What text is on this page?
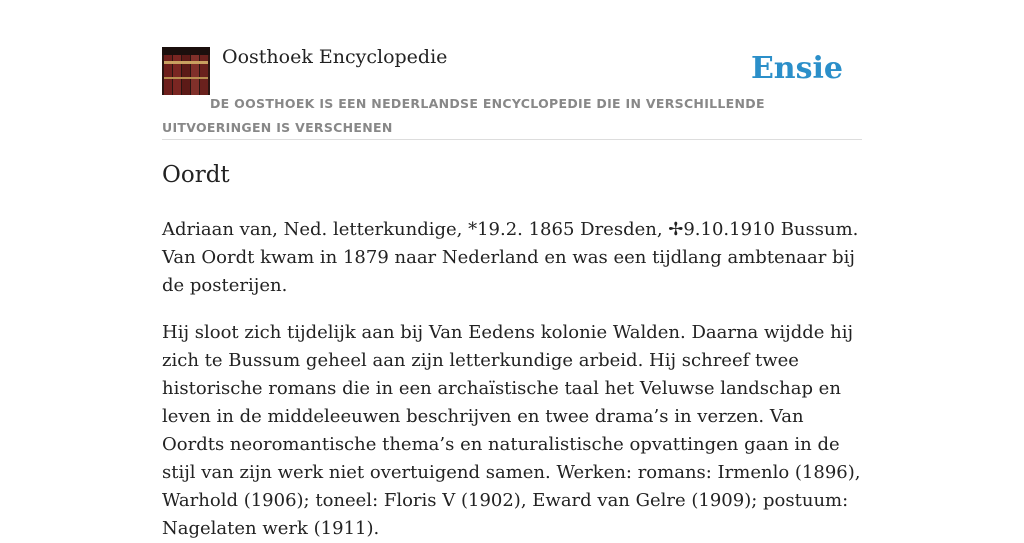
Oosthoek Encyclopedie	Ensie
DE OOSTHOEK IS EEN NEDERLANDSE ENCYCLOPEDIE DIE IN VERSCHILLENDE UITVOERINGEN IS VERSCHENEN
Oordt

Adriaan van, Ned. letterkundige, *19.2. 1865 Dresden, ✢9.10.1910 Bussum. Van Oordt kwam in 1879 naar Nederland en was een tijdlang ambtenaar bij de posterijen.

Hij sloot zich tijdelijk aan bij Van Eedens kolonie Walden. Daarna wijdde hij zich te Bussum geheel aan zijn letterkundige arbeid. Hij schreef twee historische romans die in een archaïstische taal het Veluwse landschap en leven in de middeleeuwen beschrijven en twee drama’s in verzen. Van Oordts neoromantische thema’s en naturalistische opvattingen gaan in de stijl van zijn werk niet overtuigend samen. Werken: romans: Irmenlo (1896), Warhold (1906); toneel: Floris V (1902), Eward van Gelre (1909); postuum: Nagelaten werk (1911).
